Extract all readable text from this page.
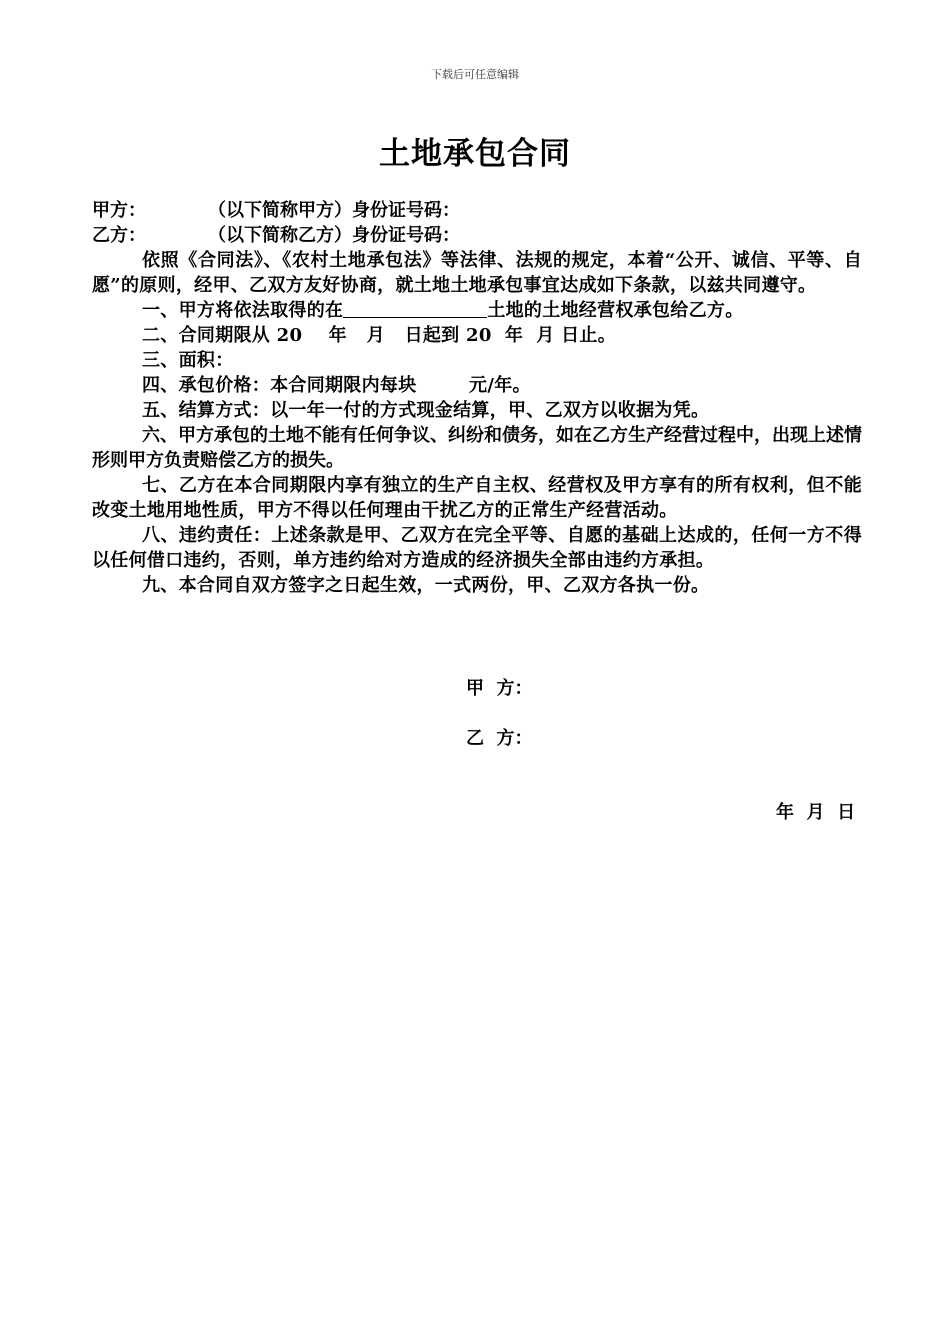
下载后可任意编辑
土地承包合同
甲方：	（以下简称甲方）身份证号码：
乙方：	（以下简称乙方）身份证号码：
依照《合同法》、《农村土地承包法》等法律、法规的规定，本着“公开、诚信、平等、自愿”的原则，经甲、乙双方友好协商，就土地土地承包事宜达成如下条款，以兹共同遵守。
一、甲方将依法取得的在	土地的土地经营权承包给乙方。
二、合同期限从 20    年   月   日起到 20  年  月 日止。
三、面积：
四、承包价格：本合同期限内每块        元/年。
五、结算方式：以一年一付的方式现金结算，甲、乙双方以收据为凭。
六、甲方承包的土地不能有任何争议、纠纷和债务，如在乙方生产经营过程中，出现上述情形则甲方负责赔偿乙方的损失。
七、乙方在本合同期限内享有独立的生产自主权、经营权及甲方享有的所有权利，但不能改变土地用地性质，甲方不得以任何理由干扰乙方的正常生产经营活动。
八、违约责任：上述条款是甲、乙双方在完全平等、自愿的基础上达成的，任何一方不得以任何借口违约，否则，单方违约给对方造成的经济损失全部由违约方承担。
九、本合同自双方签字之日起生效，一式两份，甲、乙双方各执一份。
甲  方：
乙  方：
年  月  日
